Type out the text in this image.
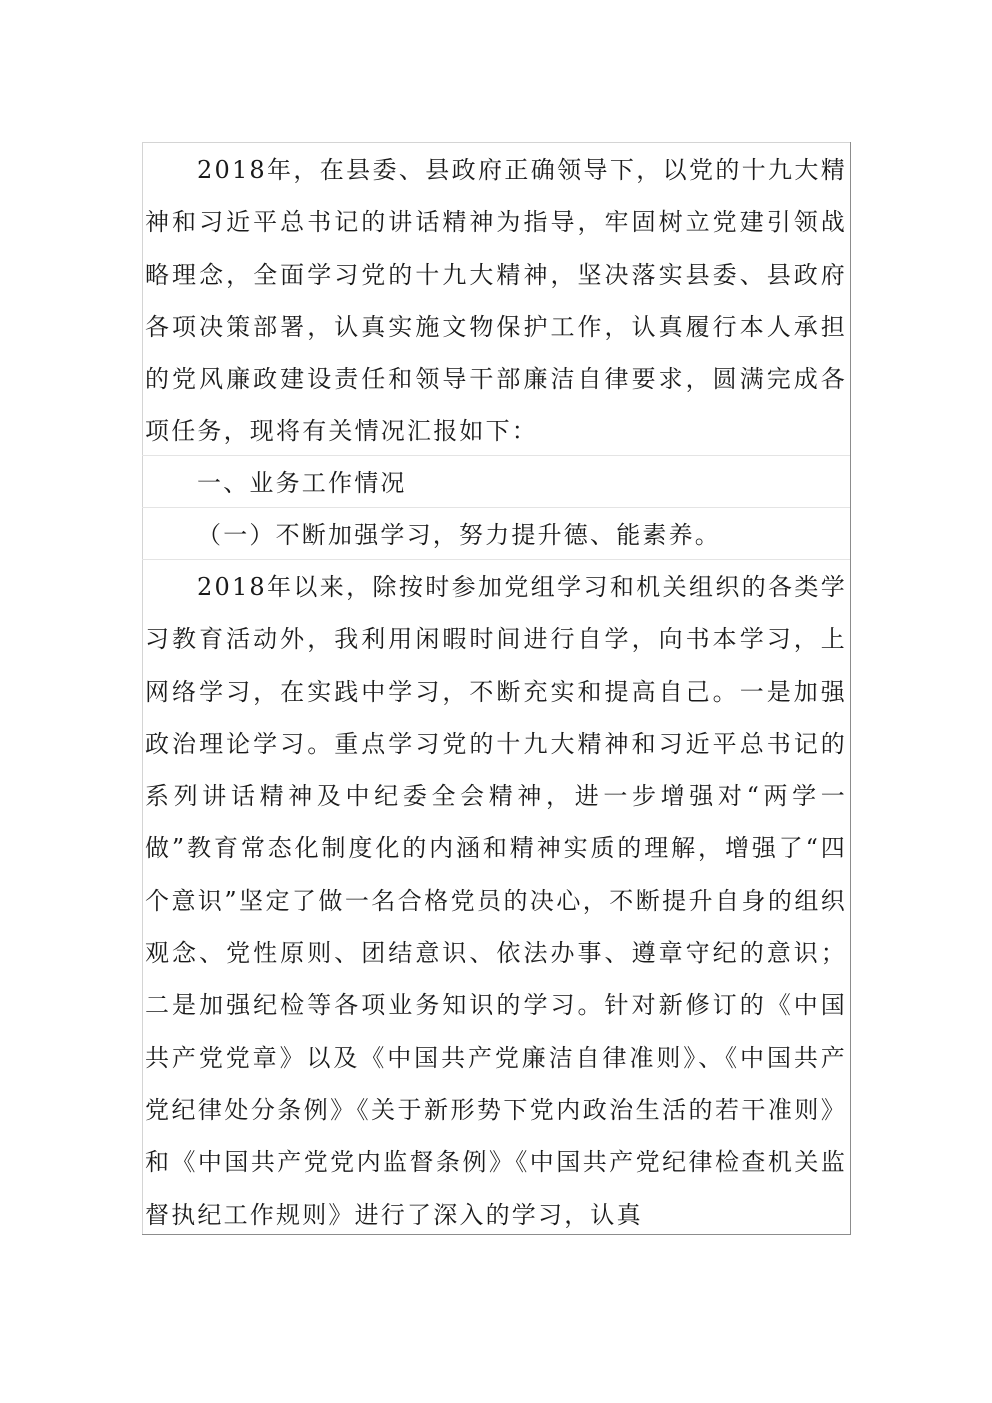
2018年，在县委、县政府正确领导下，以党的十九大精神和习近平总书记的讲话精神为指导，牢固树立党建引领战略理念，全面学习党的十九大精神，坚决落实县委、县政府各项决策部署，认真实施文物保护工作，认真履行本人承担的党风廉政建设责任和领导干部廉洁自律要求，圆满完成各项任务，现将有关情况汇报如下：

一、业务工作情况

（一）不断加强学习，努力提升德、能素养。

2018年以来，除按时参加党组学习和机关组织的各类学习教育活动外，我利用闲暇时间进行自学，向书本学习，上网络学习，在实践中学习，不断充实和提高自己。一是加强政治理论学习。重点学习党的十九大精神和习近平总书记的系列讲话精神及中纪委全会精神，进一步增强对“两学一做”教育常态化制度化的内涵和精神实质的理解，增强了“四个意识”坚定了做一名合格党员的决心，不断提升自身的组织观念、党性原则、团结意识、依法办事、遵章守纪的意识；二是加强纪检等各项业务知识的学习。针对新修订的《中国共产党党章》以及《中国共产党廉洁自律准则》、《中国共产党纪律处分条例》《关于新形势下党内政治生活的若干准则》和《中国共产党党内监督条例》《中国共产党纪律检查机关监督执纪工作规则》进行了深入的学习，认真
